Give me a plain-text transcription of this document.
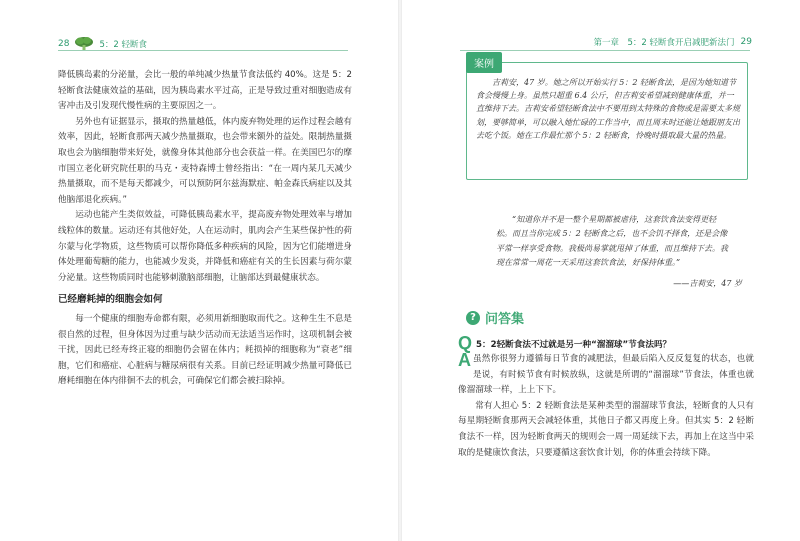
28	5：2 轻断食

降低胰岛素的分泌量，会比一般的单纯减少热量节食法低约 40%。这是 5：2 轻断食法健康效益的基础，因为胰岛素水平过高，正是导致过重对细胞造成有害冲击及引发现代慢性病的主要原因之一。

另外也有证据显示，摄取的热量越低，体内废弃物处理的运作过程会越有效率，因此，轻断食那两天减少热量摄取，也会带来额外的益处。限制热量摄取也会为脑细胞带来好处，就像身体其他部分也会获益一样。在美国巴尔的摩市国立老化研究院任职的马克・麦特森博士曾经指出：“在一周内某几天减少热量摄取，而不是每天都减少，可以预防阿尔兹海默症、帕金森氏病症以及其他脑部退化疾病。”

运动也能产生类似效益，可降低胰岛素水平，提高废弃物处理效率与增加线粒体的数量。运动还有其他好处，人在运动时，肌肉会产生某些保护性的荷尔蒙与化学物质，这些物质可以帮你降低多种疾病的风险，因为它们能增进身体处理葡萄糖的能力，也能减少发炎，并降低和癌症有关的生长因素与荷尔蒙分泌量。这些物质同时也能够刺激脑部细胞，让脑部达到最健康状态。

已经磨耗掉的细胞会如何

每一个健康的细胞寿命都有限，必须用新细胞取而代之。这种生生不息是很自然的过程，但身体因为过重与缺少活动而无法适当运作时，这项机制会被干扰，因此已经寿终正寝的细胞仍会留在体内；耗损掉的细胞称为“衰老”细胞，它们和癌症、心脏病与糖尿病很有关系。目前已经证明减少热量可降低已磨耗细胞在体内徘徊不去的机会，可确保它们都会被扫除掉。

第一章　5：2 轻断食开启减肥新法门 29
案例
吉莉安，47 岁。她之所以开始实行 5：2 轻断食法，是因为她知道节食会慢慢上身。虽然只超重 6.4 公斤，但吉莉安希望减到健康体重，并一直维持下去。吉莉安希望轻断食法中不要用到太特殊的食物或是需要太多规划，要够简单，可以融入她忙碌的工作当中，而且周末时还能让她跟朋友出去吃个饭。她在工作最忙那个 5：2 轻断食，怜晚时摄取最大量的热量。
“知道你并不是一整个星期都被虐待，这套饮食法变得更轻松。而且当你完成 5：2 轻断食之后，也不会饥不择食，还是会像平常一样享受食物。我极尚易掌就甩掉了体重，而且维持下去。我现在常常一周花一天采用这套饮食法，好保持体重。”
——吉莉安，47 岁
? 问答集
Q 5：2轻断食法不过就是另一种“溜溜球”节食法吗？
A 虽然你很努力遵循每日节食的减肥法，但最后陷入反反复复的状态，也就是说，有时候节食有时候放纵，这就是所谓的“溜溜球”节食法，体重也就像溜溜球一样，上上下下。

常有人担心 5：2 轻断食法是某种类型的溜溜球节食法，轻断食的人只有每星期轻断食那两天会减轻体重，其他日子都又再度上身。但其实 5：2 轻断食法不一样，因为轻断食两天的规则会一周一周延续下去，再加上在这当中采取的是健康饮食法，只要遵循这套饮食计划，你的体重会持续下降。
